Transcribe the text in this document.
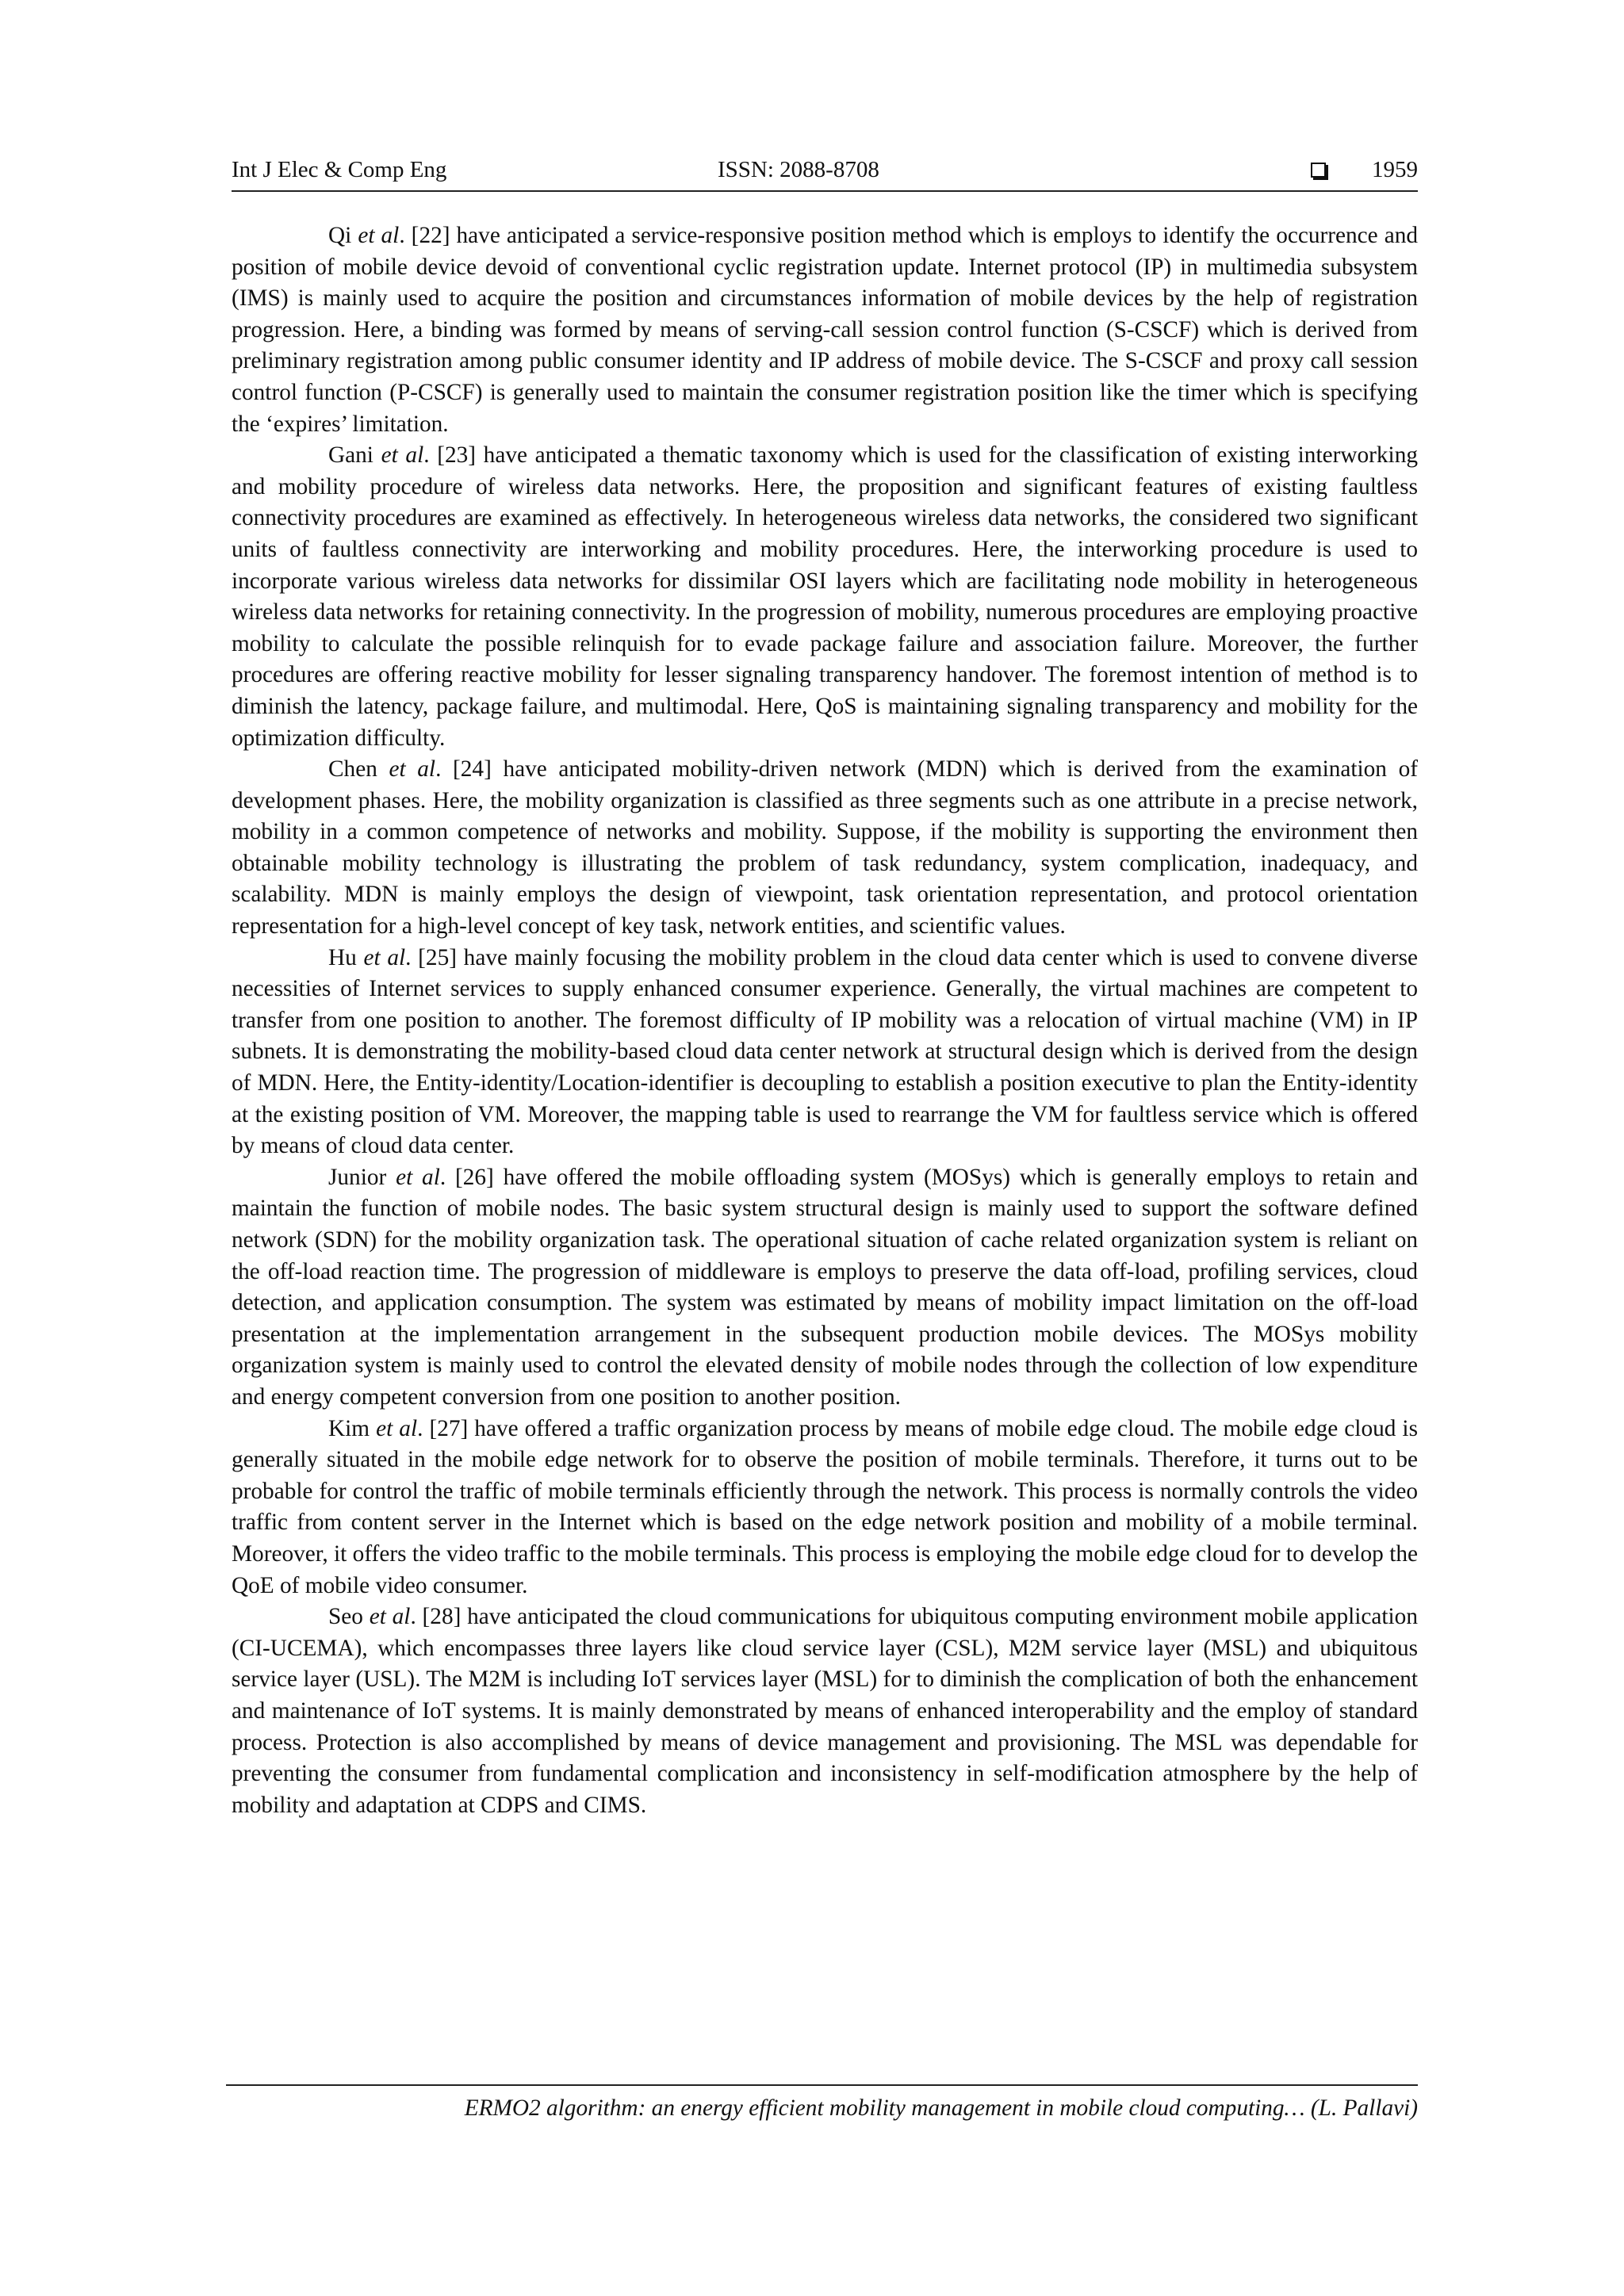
Int J Elec & Comp Eng	ISSN: 2088-8708	1959

Qi et al. [22] have anticipated a service-responsive position method which is employs to identify the occurrence and position of mobile device devoid of conventional cyclic registration update. Internet protocol (IP) in multimedia subsystem (IMS) is mainly used to acquire the position and circumstances information of mobile devices by the help of registration progression. Here, a binding was formed by means of serving-call session control function (S-CSCF) which is derived from preliminary registration among public consumer identity and IP address of mobile device. The S-CSCF and proxy call session control function (P-CSCF) is generally used to maintain the consumer registration position like the timer which is specifying the ‘expires’ limitation.

Gani et al. [23] have anticipated a thematic taxonomy which is used for the classification of existing interworking and mobility procedure of wireless data networks. Here, the proposition and significant features of existing faultless connectivity procedures are examined as effectively. In heterogeneous wireless data networks, the considered two significant units of faultless connectivity are interworking and mobility procedures. Here, the interworking procedure is used to incorporate various wireless data networks for dissimilar OSI layers which are facilitating node mobility in heterogeneous wireless data networks for retaining connectivity. In the progression of mobility, numerous procedures are employing proactive mobility to calculate the possible relinquish for to evade package failure and association failure. Moreover, the further procedures are offering reactive mobility for lesser signaling transparency handover. The foremost intention of method is to diminish the latency, package failure, and multimodal. Here, QoS is maintaining signaling transparency and mobility for the optimization difficulty.

Chen et al. [24] have anticipated mobility-driven network (MDN) which is derived from the examination of development phases. Here, the mobility organization is classified as three segments such as one attribute in a precise network, mobility in a common competence of networks and mobility. Suppose, if the mobility is supporting the environment then obtainable mobility technology is illustrating the problem of task redundancy, system complication, inadequacy, and scalability. MDN is mainly employs the design of viewpoint, task orientation representation, and protocol orientation representation for a high-level concept of key task, network entities, and scientific values.

Hu et al. [25] have mainly focusing the mobility problem in the cloud data center which is used to convene diverse necessities of Internet services to supply enhanced consumer experience. Generally, the virtual machines are competent to transfer from one position to another. The foremost difficulty of IP mobility was a relocation of virtual machine (VM) in IP subnets. It is demonstrating the mobility-based cloud data center network at structural design which is derived from the design of MDN. Here, the Entity-identity/Location-identifier is decoupling to establish a position executive to plan the Entity-identity at the existing position of VM. Moreover, the mapping table is used to rearrange the VM for faultless service which is offered by means of cloud data center.

Junior et al. [26] have offered the mobile offloading system (MOSys) which is generally employs to retain and maintain the function of mobile nodes. The basic system structural design is mainly used to support the software defined network (SDN) for the mobility organization task. The operational situation of cache related organization system is reliant on the off-load reaction time. The progression of middleware is employs to preserve the data off-load, profiling services, cloud detection, and application consumption. The system was estimated by means of mobility impact limitation on the off-load presentation at the implementation arrangement in the subsequent production mobile devices. The MOSys mobility organization system is mainly used to control the elevated density of mobile nodes through the collection of low expenditure and energy competent conversion from one position to another position.

Kim et al. [27] have offered a traffic organization process by means of mobile edge cloud. The mobile edge cloud is generally situated in the mobile edge network for to observe the position of mobile terminals. Therefore, it turns out to be probable for control the traffic of mobile terminals efficiently through the network. This process is normally controls the video traffic from content server in the Internet which is based on the edge network position and mobility of a mobile terminal. Moreover, it offers the video traffic to the mobile terminals. This process is employing the mobile edge cloud for to develop the QoE of mobile video consumer.

Seo et al. [28] have anticipated the cloud communications for ubiquitous computing environment mobile application (CI-UCEMA), which encompasses three layers like cloud service layer (CSL), M2M service layer (MSL) and ubiquitous service layer (USL). The M2M is including IoT services layer (MSL) for to diminish the complication of both the enhancement and maintenance of IoT systems. It is mainly demonstrated by means of enhanced interoperability and the employ of standard process. Protection is also accomplished by means of device management and provisioning. The MSL was dependable for preventing the consumer from fundamental complication and inconsistency in self-modification atmosphere by the help of mobility and adaptation at CDPS and CIMS.

ERMO2 algorithm: an energy efficient mobility management in mobile cloud computing… (L. Pallavi)
